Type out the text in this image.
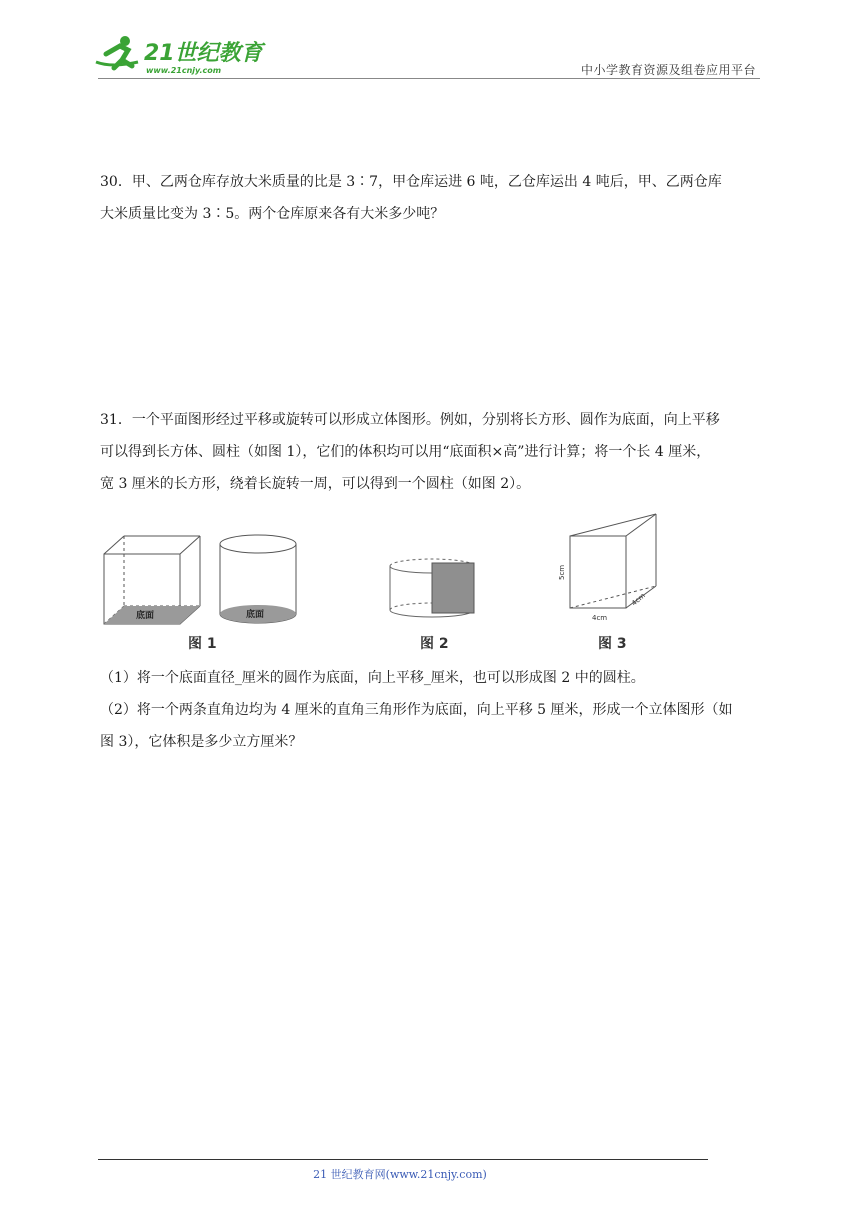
21世纪教育
www.21cnjy.com	中小学教育资源及组卷应用平台

30．甲、乙两仓库存放大米质量的比是 3∶7，甲仓库运进 6 吨，乙仓库运出 4 吨后，甲、乙两仓库

大米质量比变为 3∶5。两个仓库原来各有大米多少吨？

31．一个平面图形经过平移或旋转可以形成立体图形。例如，分别将长方形、圆作为底面，向上平移

可以得到长方体、圆柱（如图 1），它们的体积均可以用“底面积×高”进行计算；将一个长 4 厘米，

宽 3 厘米的长方形，绕着长旋转一周，可以得到一个圆柱（如图 2）。

底面	底面
图 1	图 2
5cm
4cm
4cm
图 3

（1）将一个底面直径_厘米的圆作为底面，向上平移_厘米，也可以形成图 2 中的圆柱。

（2）将一个两条直角边均为 4 厘米的直角三角形作为底面，向上平移 5 厘米，形成一个立体图形（如

图 3），它体积是多少立方厘米？

21 世纪教育网(www.21cnjy.com)
